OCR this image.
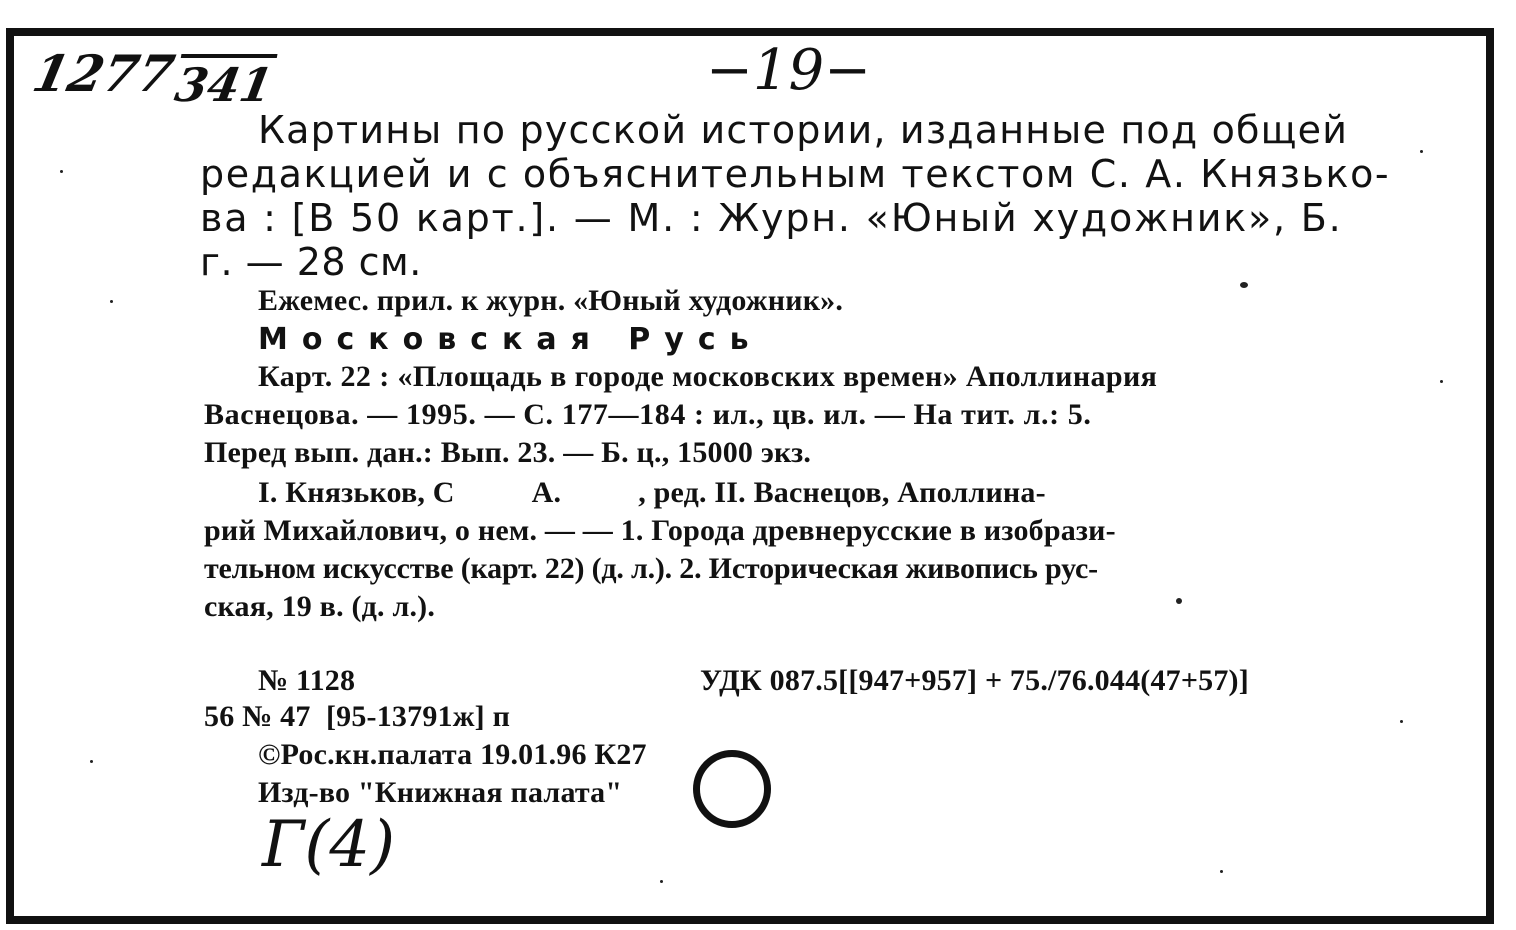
1277
341	−19−
Г(4)
Картины по русской истории, изданные под общей
редакцией и с объяснительным текстом С. А. Князько-
ва : [В 50 карт.]. — М. : Журн. «Юный художник», Б.
г. — 28 см.
Ежемес. прил. к журн. «Юный художник».
Московская Русь
Карт. 22 : «Площадь в городе московских времен» Аполлинария
Васнецова. — 1995. — С. 177—184 : ил., цв. ил. — На тит. л.: 5.
Перед вып. дан.: Вып. 23. — Б. ц., 15000 экз.
I. Князьков, С          А.          , ред. II. Васнецов, Аполлина-
рий Михайлович, о нем. — — 1. Города древнерусские в изобрази-
тельном искусстве (карт. 22) (д. л.). 2. Историческая живопись рус-
ская, 19 в. (д. л.).
№ 1128	УДК 087.5[[947+957] + 75./76.044(47+57)]
56 № 47  [95-13791ж] п
©Рос.кн.палата 19.01.96 К27
Изд-во "Книжная палата"
